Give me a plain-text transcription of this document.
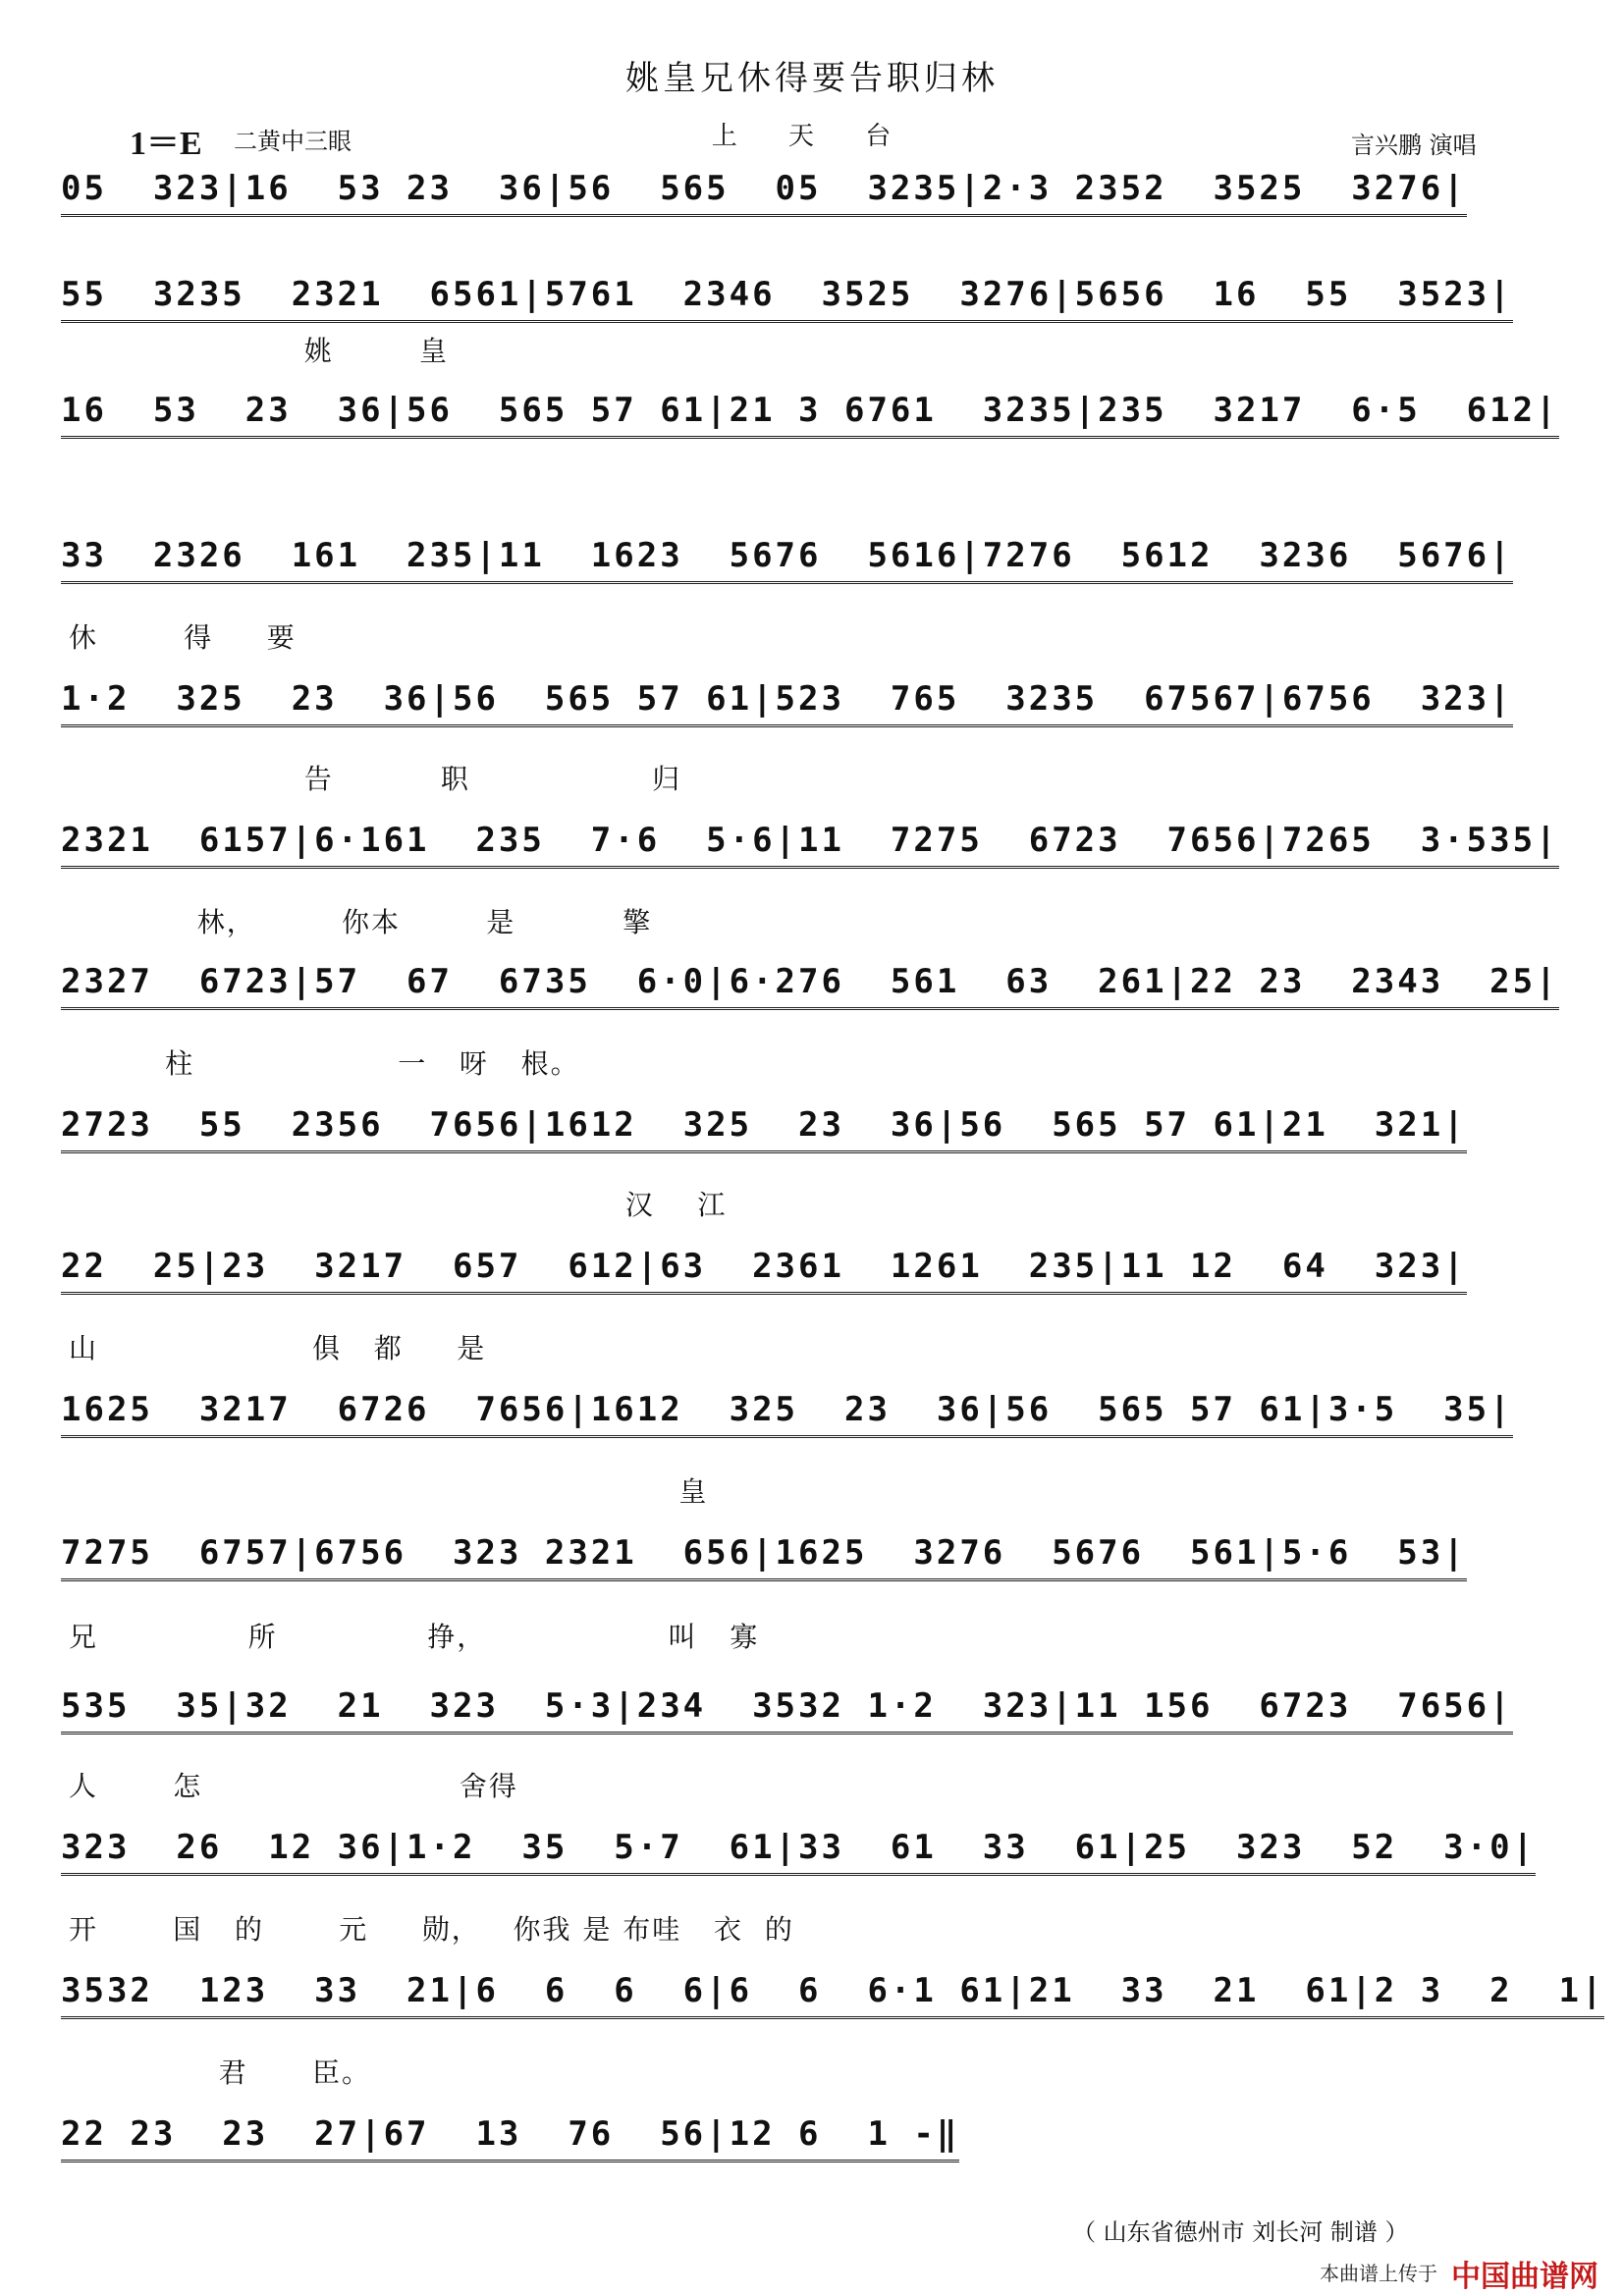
姚皇兄休得要告职归林
1＝E 二黄中三眼	上 天 台	言兴鹏 演唱
05  323|16  53 23  36|56  565  05  3235|2·3 2352  3525  3276|
55  3235  2321  6561|5761  2346  3525  3276|5656  16  55  3523|
姚        皇
16  53  23  36|56  565 57 61|21 3 6761  3235|235  3217  6·5  612|
33  2326  161  235|11  1623  5676  5616|7276  5612  3236  5676|
休        得     要
1·2  325  23  36|56  565 57 61|523  765  3235  67567|6756  323|
告          职                 归
2321  6157|6·161  235  7·6  5·6|11  7275  6723  7656|7265  3·535|
林，        你本        是          擎
2327  6723|57  67  6735  6·0|6·276  561  63  261|22 23  2343  25|
柱                   一   呀   根。
2723  55  2356  7656|1612  325  23  36|56  565 57 61|21  321|
汉    江
22  25|23  3217  657  612|63  2361  1261  235|11 12  64  323|
山                    俱   都     是
1625  3217  6726  7656|1612  325  23  36|56  565 57 61|3·5  35|
皇
7275  6757|6756  323 2321  656|1625  3276  5676  561|5·6  53|
兄              所              挣，                 叫   寡
535  35|32  21  323  5·3|234  3532 1·2  323|11 156  6723  7656|
人       怎                        舍得
323  26  12 36|1·2  35  5·7  61|33  61  33  61|25  323  52  3·0|
开       国   的       元     勋，   你我 是 布哇   衣  的
3532  123  33  21|6  6  6  6|6  6  6·1 61|21  33  21  61|2 3  2  1|
君      臣。
22 23  23  27|67  13  76  56|12 6  1 -‖
（ 山东省德州市 刘长河 制谱 ）
本曲谱上传于 中国曲谱网
